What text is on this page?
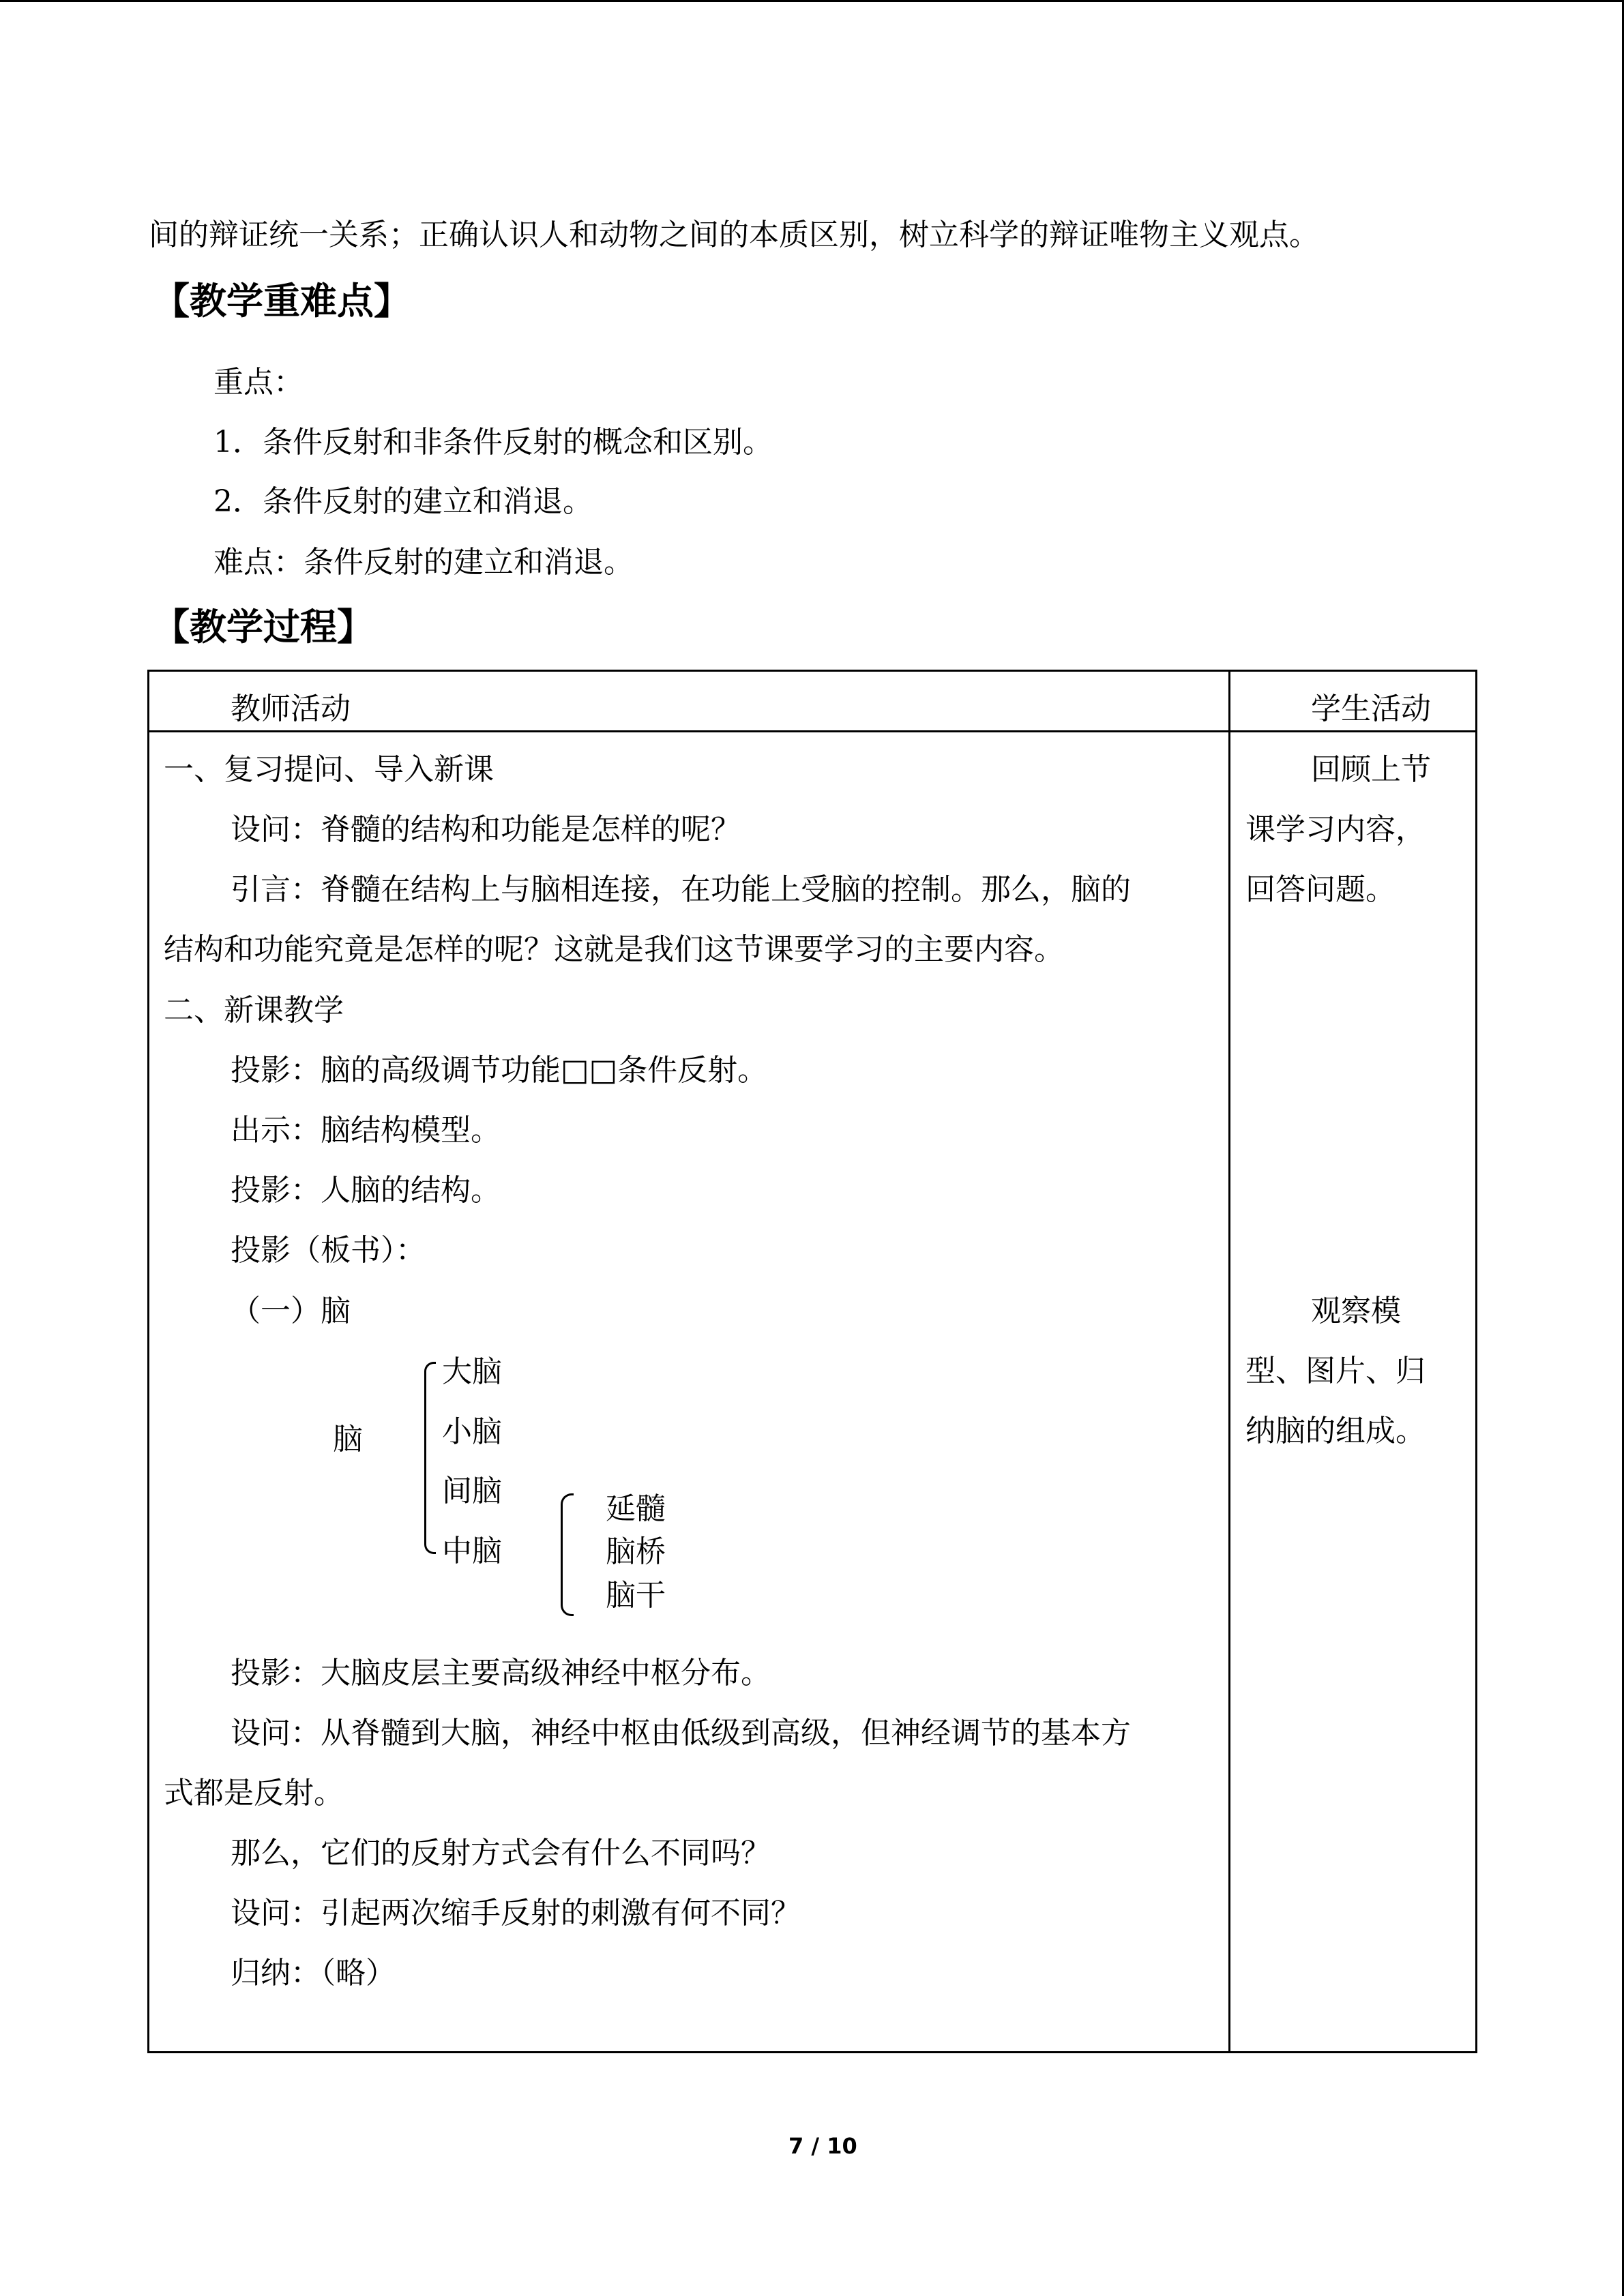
间的辩证统一关系；正确认识人和动物之间的本质区别，树立科学的辩证唯物主义观点。
【教学重难点】
重点：
1．条件反射和非条件反射的概念和区别。
2．条件反射的建立和消退。
难点：条件反射的建立和消退。
【教学过程】
教师活动	学生活动
一、复习提问、导入新课
设问：脊髓的结构和功能是怎样的呢？
引言：脊髓在结构上与脑相连接，在功能上受脑的控制。那么，脑的
结构和功能究竟是怎样的呢？这就是我们这节课要学习的主要内容。
二、新课教学
投影：脑的高级调节功能□□条件反射。
出示：脑结构模型。
投影：人脑的结构。
投影（板书）：
（一）脑
脑
大脑
小脑
间脑
中脑
延髓
脑桥
脑干
投影：大脑皮层主要高级神经中枢分布。
设问：从脊髓到大脑，神经中枢由低级到高级，但神经调节的基本方
式都是反射。
那么，它们的反射方式会有什么不同吗？
设问：引起两次缩手反射的刺激有何不同？
归纳：（略）
回顾上节
课学习内容，
回答问题。
观察模
型、图片、归
纳脑的组成。
7 / 10
